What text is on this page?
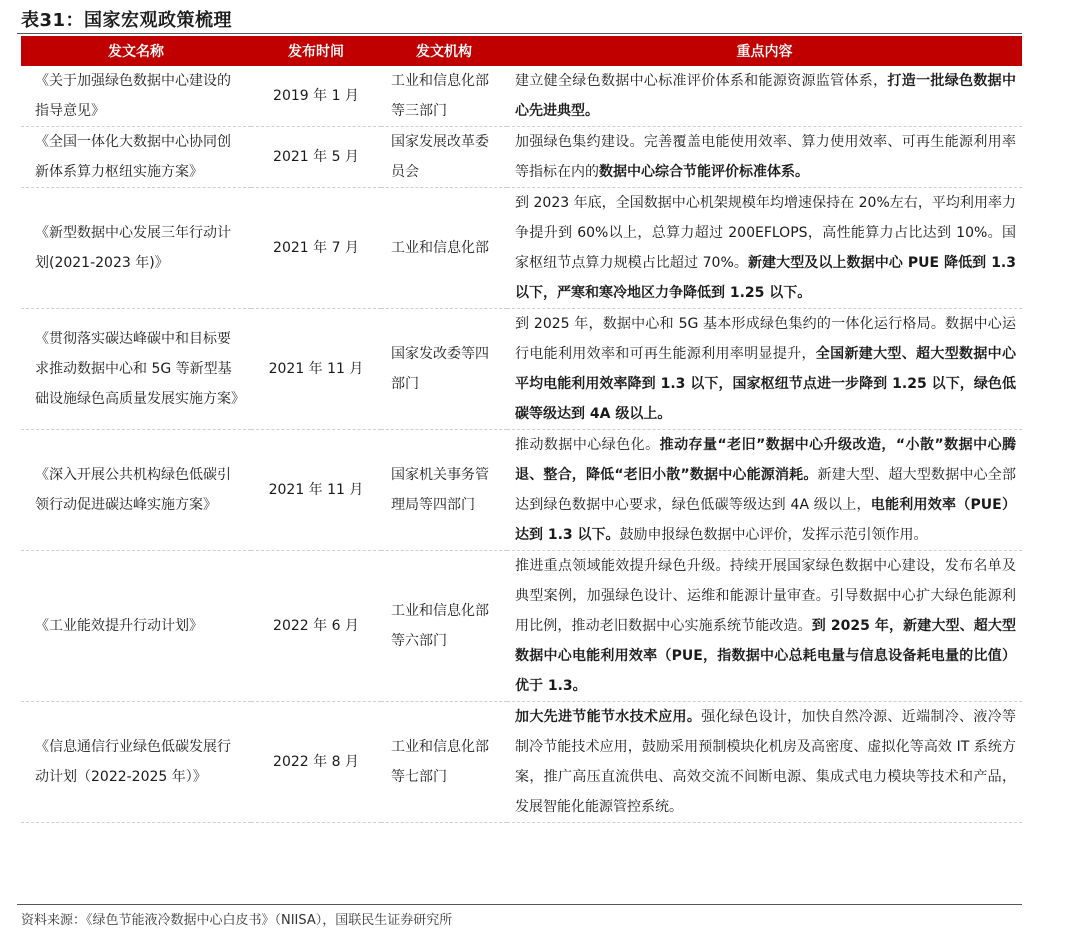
表31：国家宏观政策梳理
发文名称	发布时间	发文机构	重点内容
《关于加强绿色数据中心建设的指导意见》	2019 年 1 月	工业和信息化部等三部门	建立健全绿色数据中心标准评价体系和能源资源监管体系，打造一批绿色数据中心先进典型。
《全国一体化大数据中心协同创新体系算力枢纽实施方案》	2021 年 5 月	国家发展改革委员会	加强绿色集约建设。完善覆盖电能使用效率、算力使用效率、可再生能源利用率等指标在内的数据中心综合节能评价标准体系。
《新型数据中心发展三年行动计划(2021-2023 年)》	2021 年 7 月	工业和信息化部	到 2023 年底，全国数据中心机架规模年均增速保持在 20%左右，平均利用率力争提升到 60%以上，总算力超过 200EFLOPS，高性能算力占比达到 10%。国家枢纽节点算力规模占比超过 70%。新建大型及以上数据中心 PUE 降低到 1.3 以下，严寒和寒冷地区力争降低到 1.25 以下。
《贯彻落实碳达峰碳中和目标要求推动数据中心和 5G 等新型基础设施绿色高质量发展实施方案》	2021 年 11 月	国家发改委等四部门	到 2025 年，数据中心和 5G 基本形成绿色集约的一体化运行格局。数据中心运行电能利用效率和可再生能源利用率明显提升，全国新建大型、超大型数据中心平均电能利用效率降到 1.3 以下，国家枢纽节点进一步降到 1.25 以下，绿色低碳等级达到 4A 级以上。
《深入开展公共机构绿色低碳引领行动促进碳达峰实施方案》	2021 年 11 月	国家机关事务管理局等四部门	推动数据中心绿色化。推动存量“老旧”数据中心升级改造，“小散”数据中心腾退、整合，降低“老旧小散”数据中心能源消耗。新建大型、超大型数据中心全部达到绿色数据中心要求，绿色低碳等级达到 4A 级以上，电能利用效率（PUE）达到 1.3 以下。鼓励申报绿色数据中心评价，发挥示范引领作用。
《工业能效提升行动计划》	2022 年 6 月	工业和信息化部等六部门	推进重点领域能效提升绿色升级。持续开展国家绿色数据中心建设，发布名单及典型案例，加强绿色设计、运维和能源计量审查。引导数据中心扩大绿色能源利用比例，推动老旧数据中心实施系统节能改造。到 2025 年，新建大型、超大型数据中心电能利用效率（PUE，指数据中心总耗电量与信息设备耗电量的比值）优于 1.3。
《信息通信行业绿色低碳发展行动计划（2022-2025 年）》	2022 年 8 月	工业和信息化部等七部门	加大先进节能节水技术应用。强化绿色设计，加快自然冷源、近端制冷、液冷等制冷节能技术应用，鼓励采用预制模块化机房及高密度、虚拟化等高效 IT 系统方案，推广高压直流供电、高效交流不间断电源、集成式电力模块等技术和产品，发展智能化能源管控系统。
资料来源：《绿色节能液冷数据中心白皮书》（NIISA），国联民生证券研究所
